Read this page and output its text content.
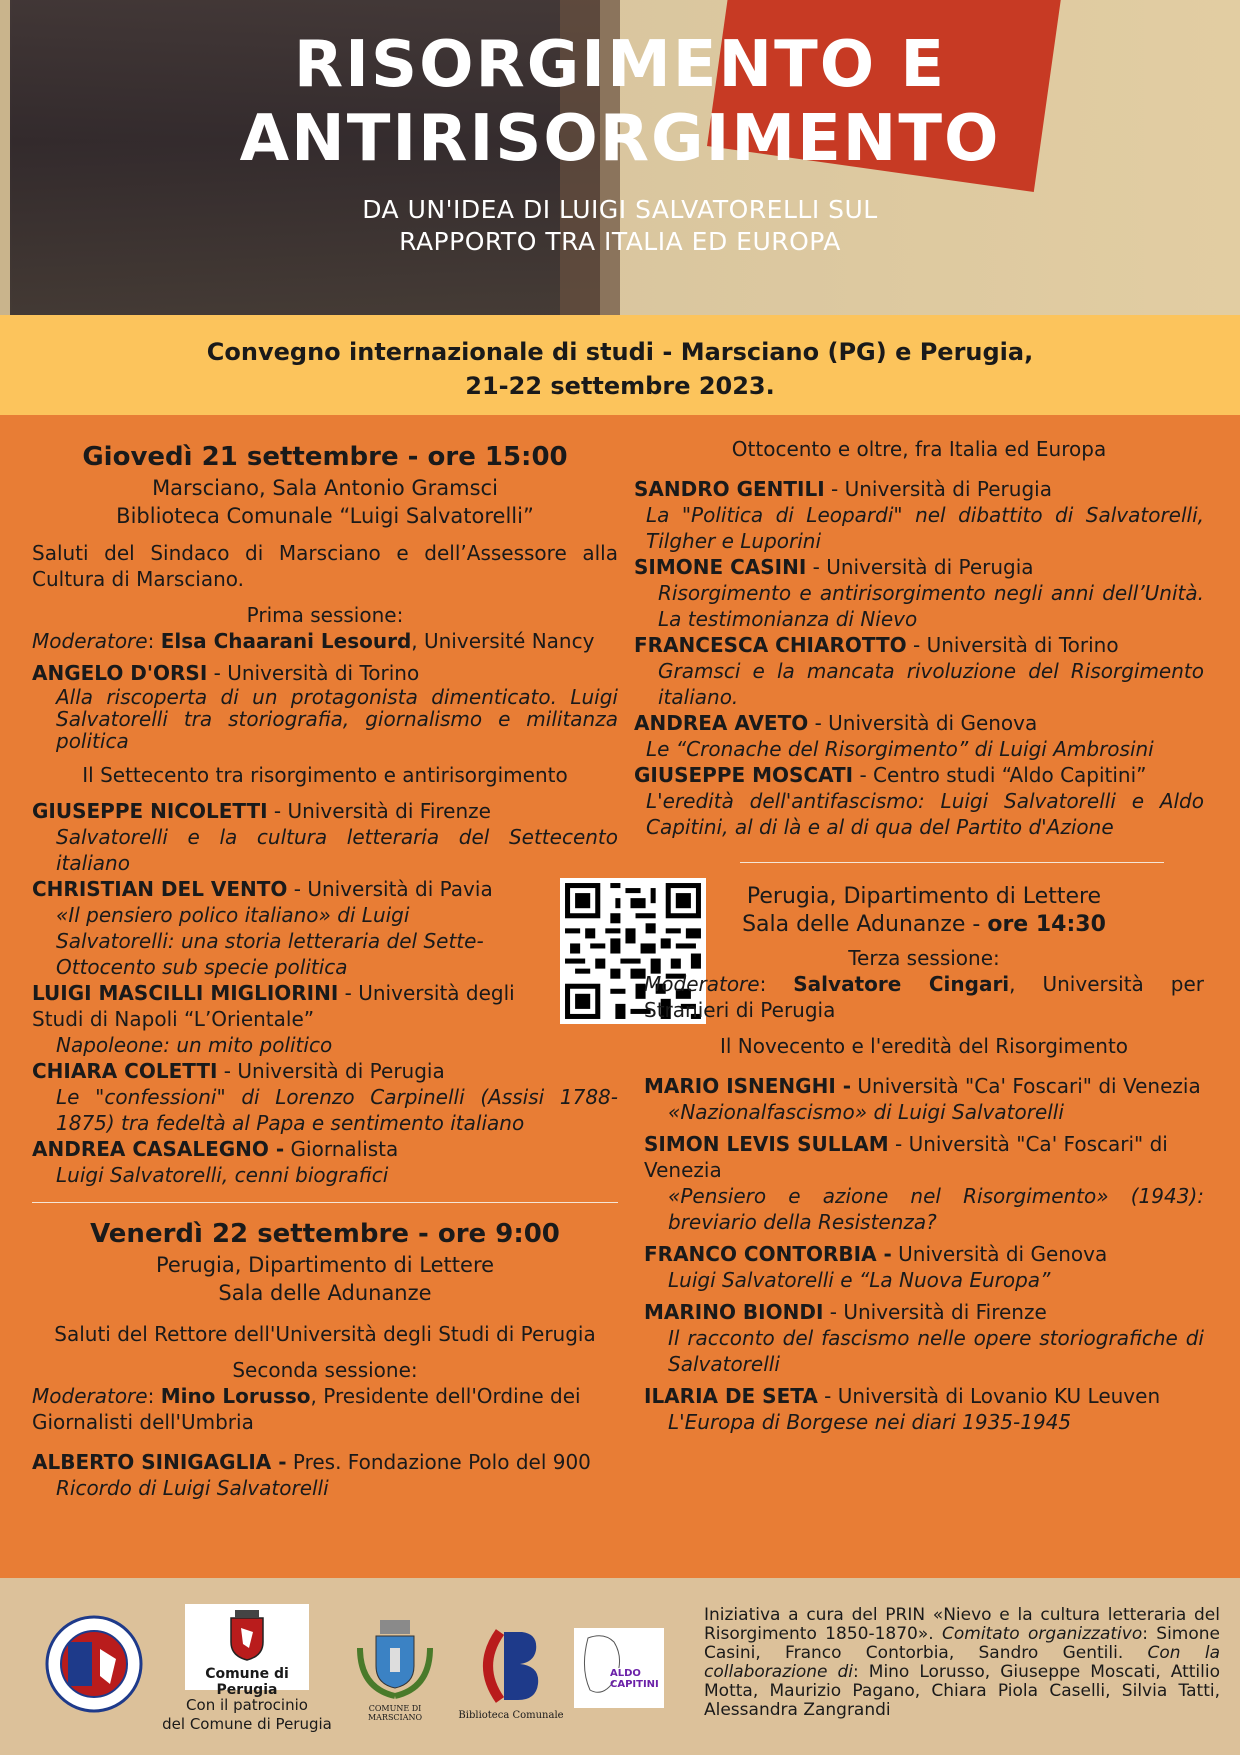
RISORGIMENTO E
ANTIRISORGIMENTO
DA UN'IDEA DI LUIGI SALVATORELLI SUL
RAPPORTO TRA ITALIA ED EUROPA
Convegno internazionale di studi - Marsciano (PG) e Perugia,
21-22 settembre 2023.
Giovedì 21 settembre - ore 15:00
Marsciano, Sala Antonio Gramsci
Biblioteca Comunale “Luigi Salvatorelli”
Saluti del Sindaco di Marsciano e dell’Assessore alla Cultura di Marsciano.
Prima sessione:
Moderatore: Elsa Chaarani Lesourd, Université Nancy
ANGELO D'ORSI - Università di Torino
Alla riscoperta di un protagonista dimenticato. Luigi Salvatorelli tra storiografia, giornalismo e militanza politica
Il Settecento tra risorgimento e antirisorgimento
GIUSEPPE NICOLETTI - Università di Firenze
Salvatorelli e la cultura letteraria del Settecento italiano
CHRISTIAN DEL VENTO - Università di Pavia
«Il pensiero polico italiano» di Luigi Salvatorelli: una storia letteraria del Sette-Ottocento sub specie politica
LUIGI MASCILLI MIGLIORINI - Università degli Studi di Napoli “L’Orientale”
Napoleone: un mito politico
CHIARA COLETTI - Università di Perugia
Le "confessioni" di Lorenzo Carpinelli (Assisi 1788-1875) tra fedeltà al Papa e sentimento italiano
ANDREA CASALEGNO - Giornalista
Luigi Salvatorelli, cenni biografici
Venerdì 22 settembre - ore 9:00
Perugia, Dipartimento di Lettere
Sala delle Adunanze
Saluti del Rettore dell'Università degli Studi di Perugia
Seconda sessione:
Moderatore: Mino Lorusso, Presidente dell'Ordine dei Giornalisti dell'Umbria
ALBERTO SINIGAGLIA - Pres. Fondazione Polo del 900
Ricordo di Luigi Salvatorelli
Ottocento e oltre, fra Italia ed Europa
SANDRO GENTILI - Università di Perugia
La "Politica di Leopardi" nel dibattito di Salvatorelli, Tilgher e Luporini
SIMONE CASINI - Università di Perugia
Risorgimento e antirisorgimento negli anni dell’Unità. La testimonianza di Nievo
FRANCESCA CHIAROTTO - Università di Torino
Gramsci e la mancata rivoluzione del Risorgimento italiano.
ANDREA AVETO - Università di Genova
Le “Cronache del Risorgimento” di Luigi Ambrosini
GIUSEPPE MOSCATI - Centro studi “Aldo Capitini”
L'eredità dell'antifascismo: Luigi Salvatorelli e Aldo Capitini, al di là e al di qua del Partito d'Azione
Perugia, Dipartimento di Lettere
Sala delle Adunanze - ore 14:30
Terza sessione:
Moderatore: Salvatore Cingari, Università per Stranieri di Perugia
Il Novecento e l'eredità del Risorgimento
MARIO ISNENGHI - Università "Ca' Foscari" di Venezia
«Nazionalfascismo» di Luigi Salvatorelli
SIMON LEVIS SULLAM - Università "Ca' Foscari" di Venezia
«Pensiero e azione nel Risorgimento» (1943): breviario della Resistenza?
FRANCO CONTORBIA - Università di Genova
Luigi Salvatorelli e “La Nuova Europa”
MARINO BIONDI - Università di Firenze
Il racconto del fascismo nelle opere storiografiche di Salvatorelli
ILARIA DE SETA - Università di Lovanio KU Leuven
L'Europa di Borgese nei diari 1935-1945
Comune di Perugia
Con il patrocinio
del Comune di Perugia
COMUNE DI MARSCIANO	Biblioteca Comunale
ALDO CAPITINI
Iniziativa a cura del PRIN «Nievo e la cultura letteraria del Risorgimento 1850-1870». Comitato organizzativo: Simone Casini, Franco Contorbia, Sandro Gentili. Con la collaborazione di: Mino Lorusso, Giuseppe Moscati, Attilio Motta, Maurizio Pagano, Chiara Piola Caselli, Silvia Tatti, Alessandra Zangrandi
